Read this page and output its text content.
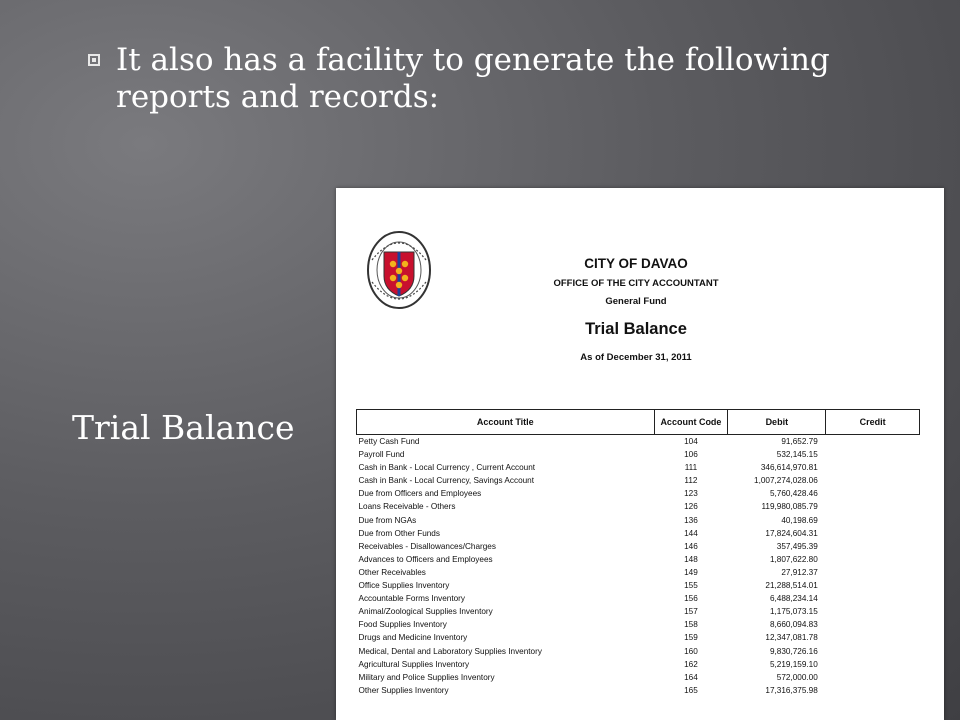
It also has a facility to generate the following reports and records:
Trial Balance
CITY OF DAVAO
OFFICE OF THE CITY ACCOUNTANT
General Fund
Trial Balance
As of December 31, 2011
Account Title	Account Code	Debit	Credit
Petty Cash Fund	104	91,652.79	
Payroll Fund	106	532,145.15	
Cash in Bank - Local Currency , Current Account	111	346,614,970.81	
Cash in Bank - Local Currency, Savings Account	112	1,007,274,028.06	
Due from Officers and Employees	123	5,760,428.46	
Loans Receivable - Others	126	119,980,085.79	
Due from NGAs	136	40,198.69	
Due from Other Funds	144	17,824,604.31	
Receivables - Disallowances/Charges	146	357,495.39	
Advances to Officers and Employees	148	1,807,622.80	
Other Receivables	149	27,912.37	
Office Supplies Inventory	155	21,288,514.01	
Accountable Forms Inventory	156	6,488,234.14	
Animal/Zoological Supplies Inventory	157	1,175,073.15	
Food Supplies Inventory	158	8,660,094.83	
Drugs and Medicine Inventory	159	12,347,081.78	
Medical, Dental and Laboratory Supplies Inventory	160	9,830,726.16	
Agricultural Supplies Inventory	162	5,219,159.10	
Military and Police Supplies Inventory	164	572,000.00	
Other Supplies Inventory	165	17,316,375.98	
